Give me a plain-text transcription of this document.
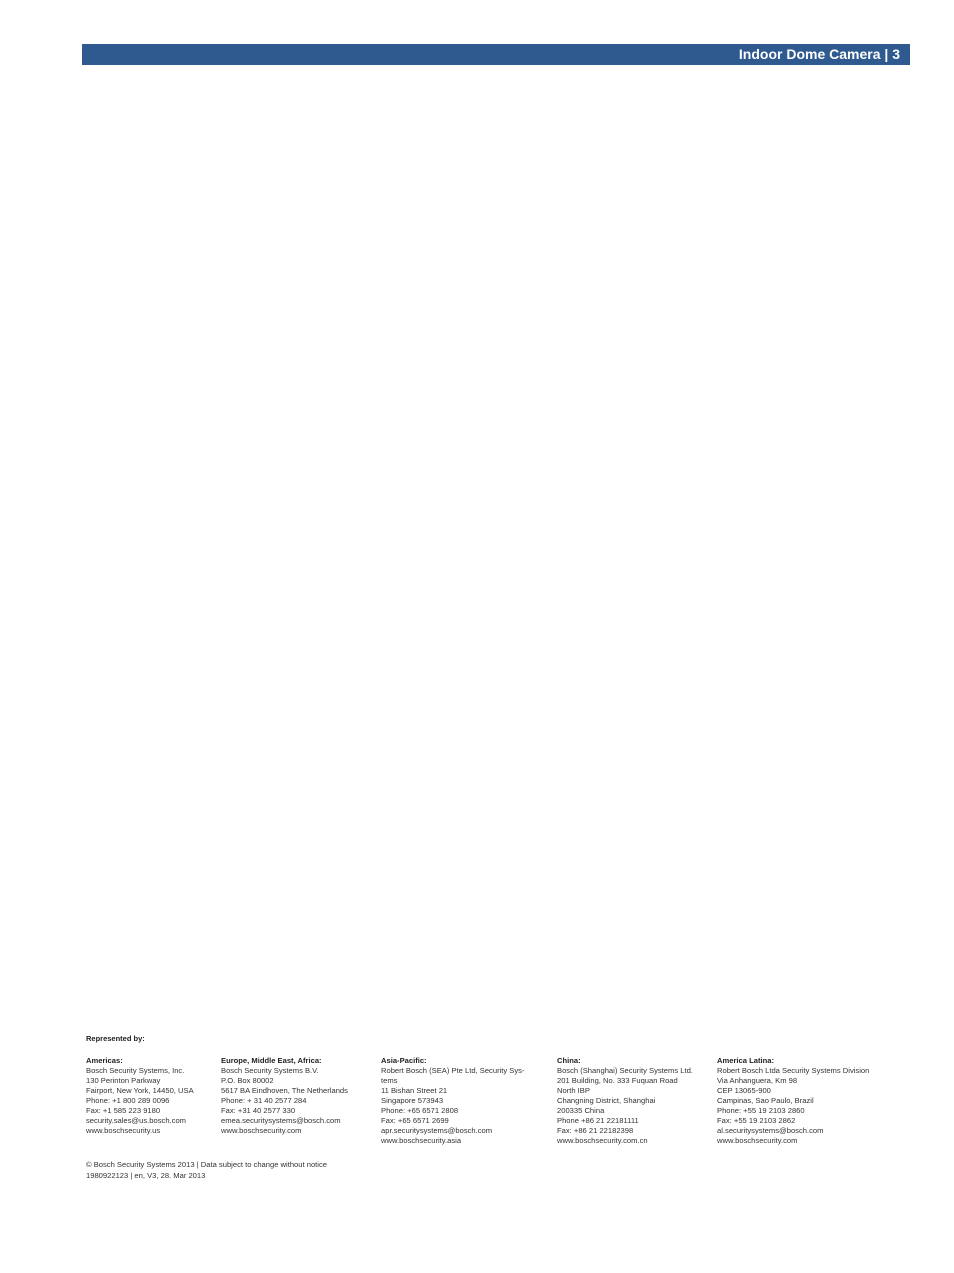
Indoor Dome Camera | 3
Represented by:
Americas:
Bosch Security Systems, Inc.
130 Perinton Parkway
Fairport, New York, 14450, USA
Phone: +1 800 289 0096
Fax: +1 585 223 9180
security.sales@us.bosch.com
www.boschsecurity.us
Europe, Middle East, Africa:
Bosch Security Systems B.V.
P.O. Box 80002
5617 BA Eindhoven, The Netherlands
Phone: + 31 40 2577 284
Fax: +31 40 2577 330
emea.securitysystems@bosch.com
www.boschsecurity.com
Asia-Pacific:
Robert Bosch (SEA) Pte Ltd, Security Sys-
tems
11 Bishan Street 21
Singapore 573943
Phone: +65 6571 2808
Fax: +65 6571 2699
apr.securitysystems@bosch.com
www.boschsecurity.asia
China:
Bosch (Shanghai) Security Systems Ltd.
201 Building, No. 333 Fuquan Road
North IBP
Changning District, Shanghai
200335 China
Phone +86 21 22181111
Fax: +86 21 22182398
www.boschsecurity.com.cn
America Latina:
Robert Bosch Ltda Security Systems Division
Via Anhanguera, Km 98
CEP 13065-900
Campinas, Sao Paulo, Brazil
Phone: +55 19 2103 2860
Fax: +55 19 2103 2862
al.securitysystems@bosch.com
www.boschsecurity.com
© Bosch Security Systems 2013 | Data subject to change without notice
1980922123 | en, V3, 28. Mar 2013
